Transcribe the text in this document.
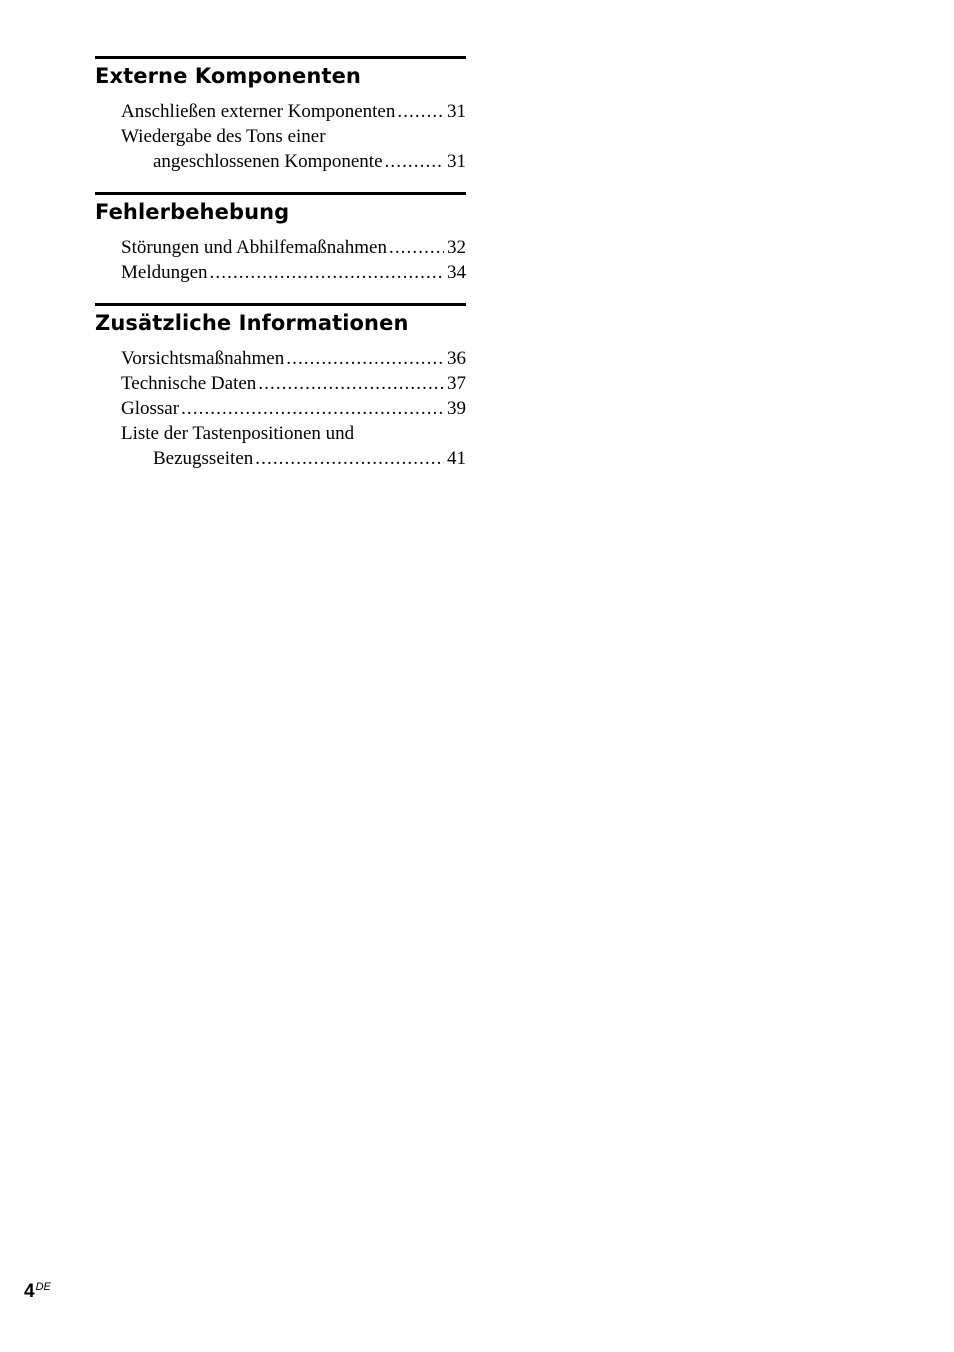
Externe Komponenten
Anschließen externer Komponenten .....	31
Wiedergabe des Tons einer
angeschlossenen Komponente .....	31
Fehlerbehebung
Störungen und Abhilfemaßnahmen .....	32
Meldungen .....	34
Zusätzliche Informationen
Vorsichtsmaßnahmen .....	36
Technische Daten .....	37
Glossar .....	39
Liste der Tastenpositionen und
Bezugsseiten .....	41
4DE
